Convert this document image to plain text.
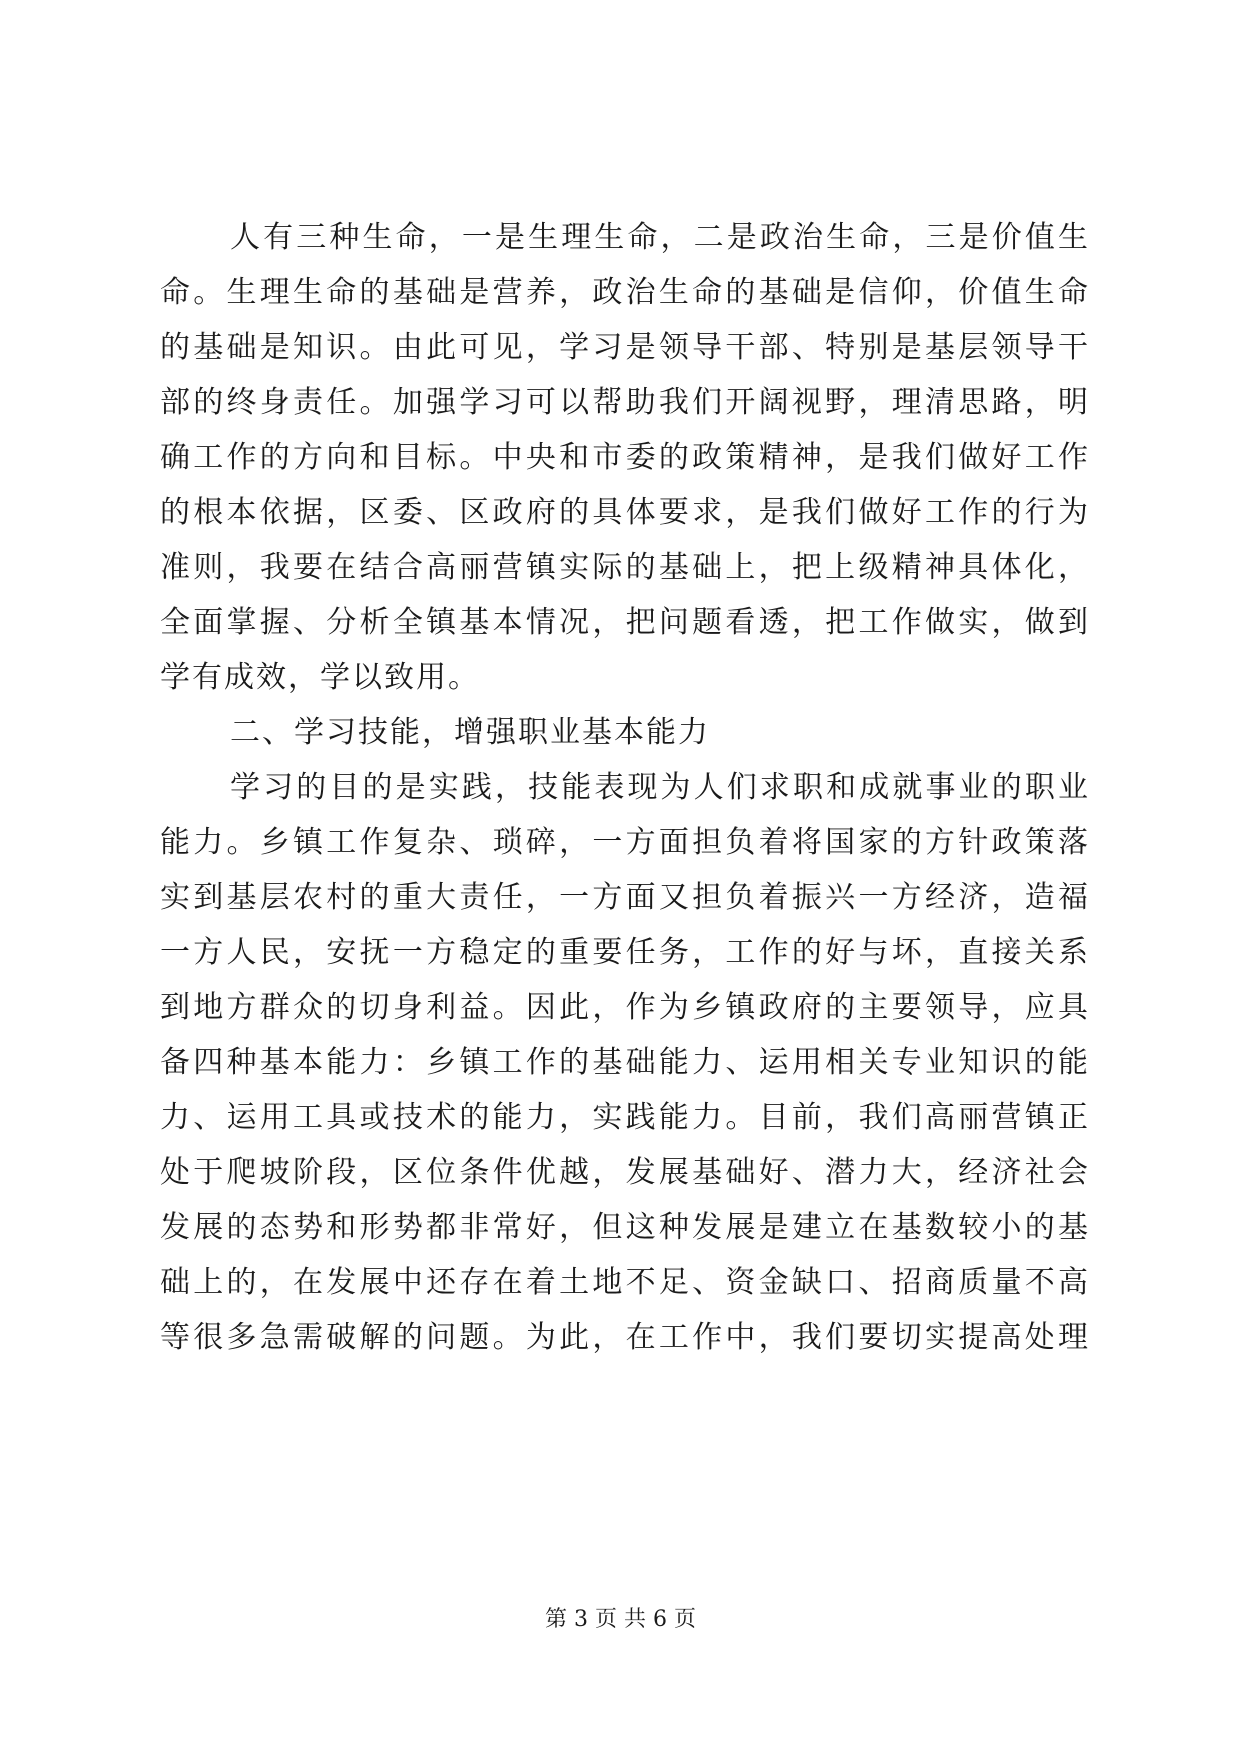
人有三种生命，一是生理生命，二是政治生命，三是价值生
命。生理生命的基础是营养，政治生命的基础是信仰，价值生命
的基础是知识。由此可见，学习是领导干部、特别是基层领导干
部的终身责任。加强学习可以帮助我们开阔视野，理清思路，明
确工作的方向和目标。中央和市委的政策精神，是我们做好工作
的根本依据，区委、区政府的具体要求，是我们做好工作的行为
准则，我要在结合高丽营镇实际的基础上，把上级精神具体化，
全面掌握、分析全镇基本情况，把问题看透，把工作做实，做到
学有成效，学以致用。
二、学习技能，增强职业基本能力
学习的目的是实践，技能表现为人们求职和成就事业的职业
能力。乡镇工作复杂、琐碎，一方面担负着将国家的方针政策落
实到基层农村的重大责任，一方面又担负着振兴一方经济，造福
一方人民，安抚一方稳定的重要任务，工作的好与坏，直接关系
到地方群众的切身利益。因此，作为乡镇政府的主要领导，应具
备四种基本能力：乡镇工作的基础能力、运用相关专业知识的能
力、运用工具或技术的能力，实践能力。目前，我们高丽营镇正
处于爬坡阶段，区位条件优越，发展基础好、潜力大，经济社会
发展的态势和形势都非常好，但这种发展是建立在基数较小的基
础上的，在发展中还存在着土地不足、资金缺口、招商质量不高
等很多急需破解的问题。为此，在工作中，我们要切实提高处理
第 3 页 共 6 页
